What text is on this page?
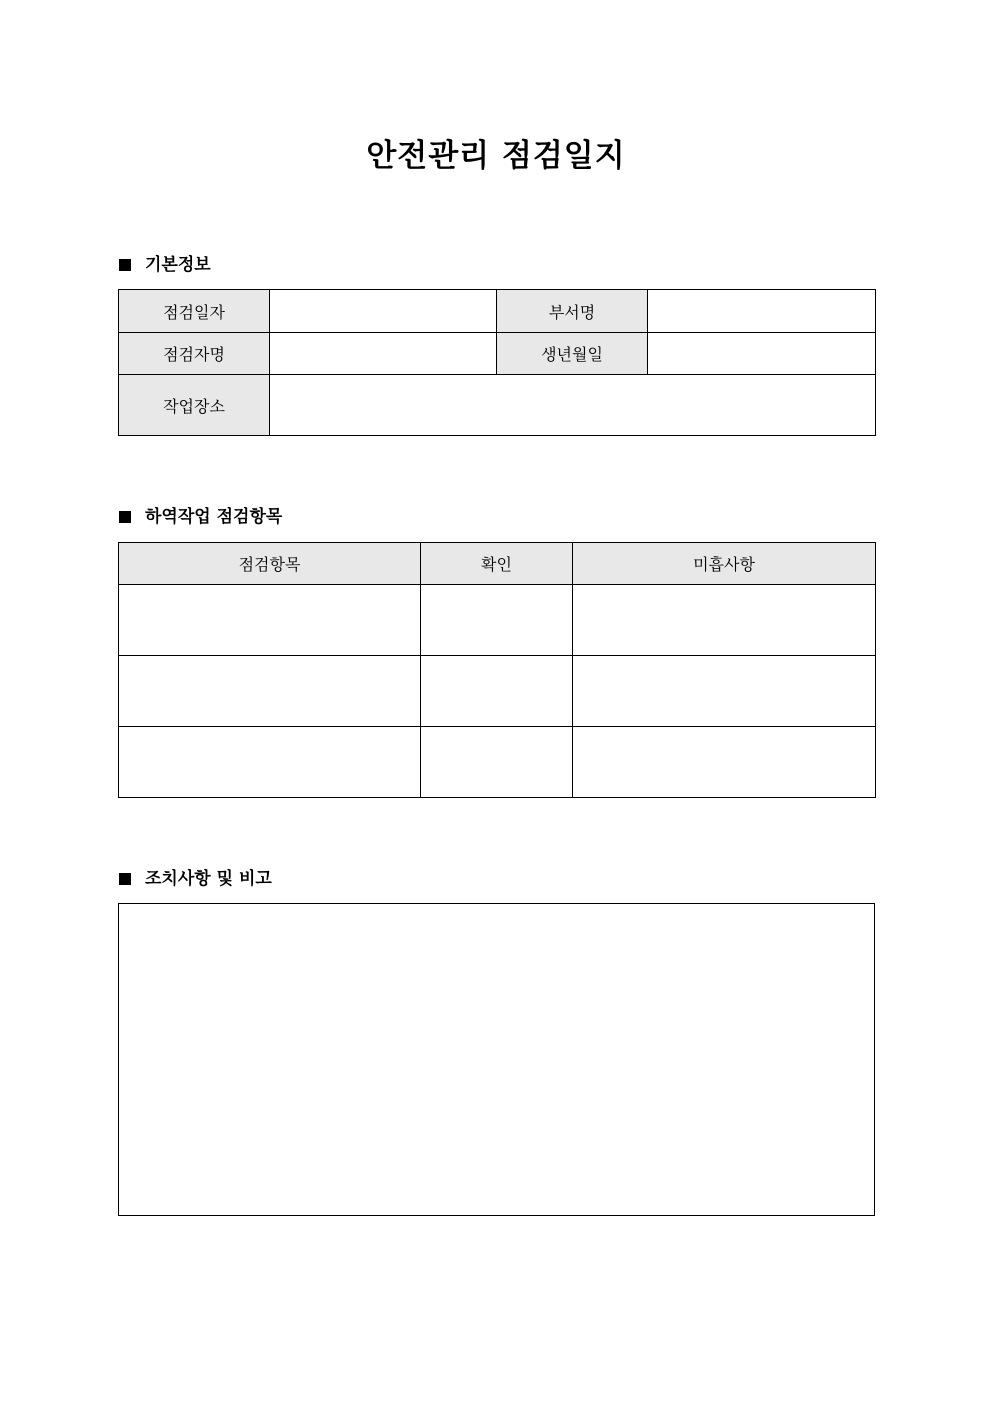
안전관리 점검일지
기본정보
점검일자		부서명	
점검자명		생년월일	
작업장소			
하역작업 점검항목
점검항목	확인	미흡사항

조치사항 및 비고
